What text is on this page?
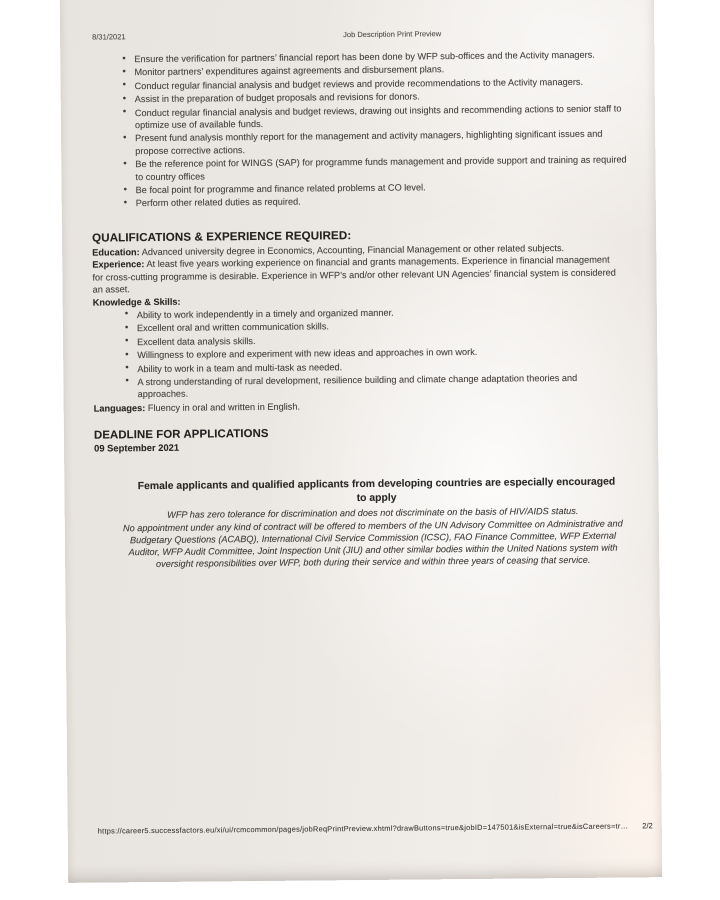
8/31/2021	Job Description Print Preview
• Ensure the verification for partners’ financial report has been done by WFP sub-offices and the Activity managers.
• Monitor partners’ expenditures against agreements and disbursement plans.
• Conduct regular financial analysis and budget reviews and provide recommendations to the Activity managers.
• Assist in the preparation of budget proposals and revisions for donors.
• Conduct regular financial analysis and budget reviews, drawing out insights and recommending actions to senior staff to optimize use of available funds.
• Present fund analysis monthly report for the management and activity managers, highlighting significant issues and propose corrective actions.
• Be the reference point for WINGS (SAP) for programme funds management and provide support and training as required to country offices
• Be focal point for programme and finance related problems at CO level.
• Perform other related duties as required.
QUALIFICATIONS & EXPERIENCE REQUIRED:

Education: Advanced university degree in Economics, Accounting, Financial Management or other related subjects.

Experience: At least five years working experience on financial and grants managements. Experience in financial management for cross-cutting programme is desirable. Experience in WFP’s and/or other relevant UN Agencies’ financial system is considered an asset.

Knowledge & Skills:

• Ability to work independently in a timely and organized manner.
• Excellent oral and written communication skills.
• Excellent data analysis skills.
• Willingness to explore and experiment with new ideas and approaches in own work.
• Ability to work in a team and multi-task as needed.
• A strong understanding of rural development, resilience building and climate change adaptation theories and approaches.

Languages: Fluency in oral and written in English.

DEADLINE FOR APPLICATIONS

09 September 2021

Female applicants and qualified applicants from developing countries are especially encouraged to apply

WFP has zero tolerance for discrimination and does not discriminate on the basis of HIV/AIDS status.

No appointment under any kind of contract will be offered to members of the UN Advisory Committee on Administrative and Budgetary Questions (ACABQ), International Civil Service Commission (ICSC), FAO Finance Committee, WFP External Auditor, WFP Audit Committee, Joint Inspection Unit (JIU) and other similar bodies within the United Nations system with oversight responsibilities over WFP, both during their service and within three years of ceasing that service.

https://career5.successfactors.eu/xi/ui/rcmcommon/pages/jobReqPrintPreview.xhtml?drawButtons=true&jobID=147501&isExternal=true&isCareers=tr… 2/2
